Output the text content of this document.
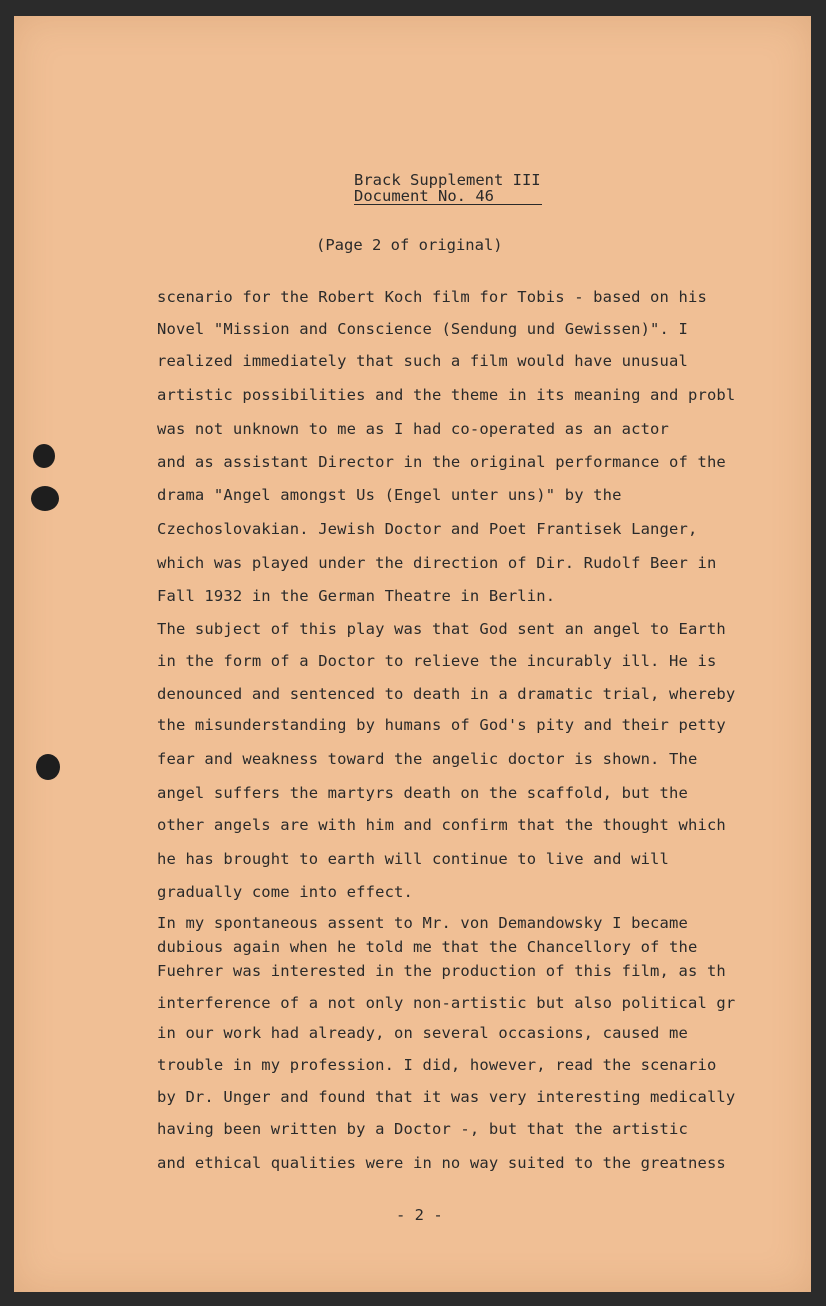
Brack Supplement III
Document No. 46
(Page 2 of original)
scenario for the Robert Koch film for Tobis - based on his
Novel "Mission and Conscience (Sendung und Gewissen)". I
realized immediately that such a film would have unusual
artistic possibilities and the theme in its meaning and probl
was not unknown to me as I had co-operated as an actor
and as assistant Director in the original performance of the
drama "Angel amongst Us (Engel unter uns)" by the
Czechoslovakian. Jewish Doctor and Poet Frantisek Langer,
which was played under the direction of Dir. Rudolf Beer in
Fall 1932 in the German Theatre in Berlin.
The subject of this play was that God sent an angel to Earth
in the form of a Doctor to relieve the incurably ill. He is
denounced and sentenced to death in a dramatic trial, whereby
the misunderstanding by humans of God's pity and their petty
fear and weakness toward the angelic doctor is shown. The
angel suffers the martyrs death on the scaffold, but the
other angels are with him and confirm that the thought which
he has brought to earth will continue to live and will
gradually come into effect.
In my spontaneous assent to Mr. von Demandowsky I became
dubious again when he told me that the Chancellory of the
Fuehrer was interested in the production of this film, as th
interference of a not only non-artistic but also political gr
in our work had already, on several occasions, caused me
trouble in my profession. I did, however, read the scenario
by Dr. Unger and found that it was very interesting medically
having been written by a Doctor -, but that the artistic
and ethical qualities were in no way suited to the greatness
- 2 -
